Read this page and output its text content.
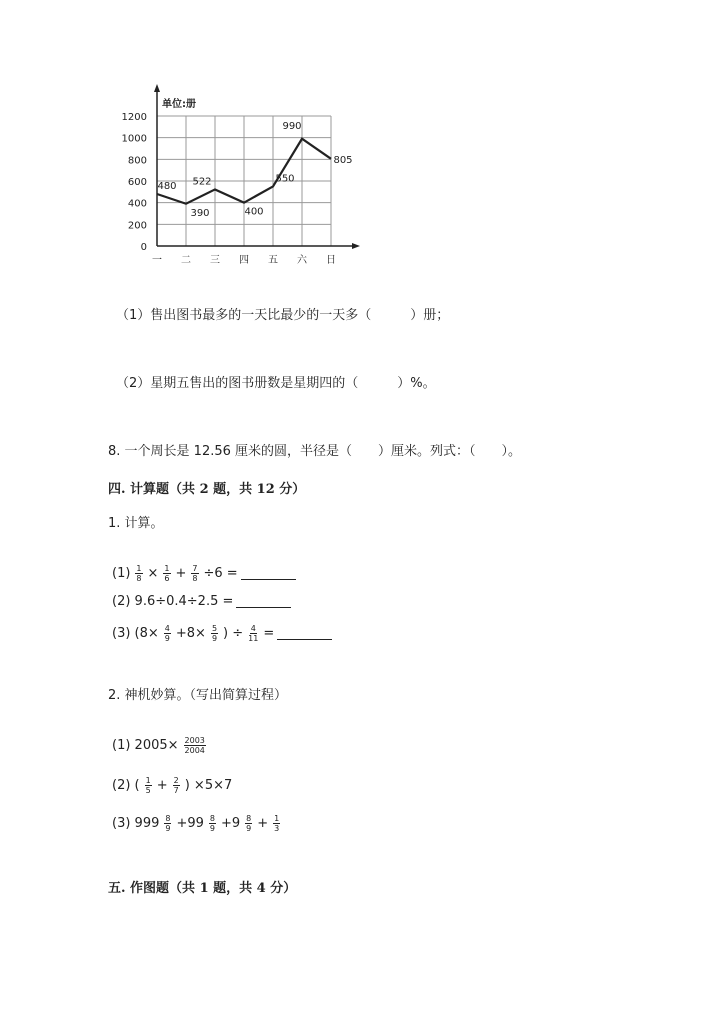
0
200
400
600
800
1000
1200
一 二 三 四 五 六 日
单位:册
480
390
522
400
550
990
805
（1）售出图书最多的一天比最少的一天多（　　　）册；
（2）星期五售出的图书册数是星期四的（　　　）%。
8. 一个周长是 12.56 厘米的圆，半径是（　　）厘米。列式：（　　）。
四. 计算题（共 2 题，共 12 分）
1. 计算。
$(1) \frac{1}{8} \times \frac{1}{6} + \frac{7}{8} \div 6$ =
(2) 9.6÷0.4÷2.5 =
(3) ($8\times \frac{4}{9} +8\times \frac{5}{9}$ ) ÷ $\frac{4}{11}$ =
2. 神机妙算。（写出简算过程）
(1) $2005\times \frac{2003}{2004}$
(2) ( $\frac{1}{5} + \frac{2}{7}$ ) ×5×7
(3) $999 \frac{8}{9} +99 \frac{8}{9} +9 \frac{8}{9} + \frac{1}{3}$
五. 作图题（共 1 题，共 4 分）
